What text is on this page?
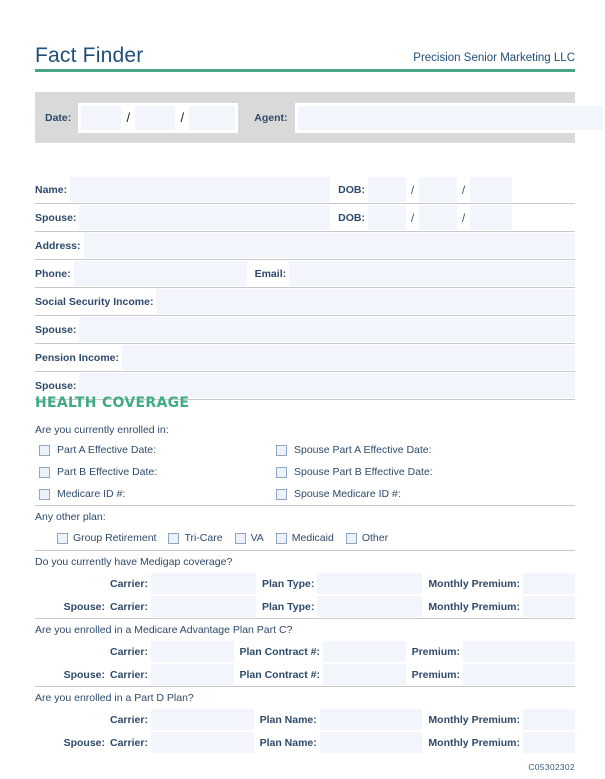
Fact Finder	Precision Senior Marketing LLC
Date:	/	/	Agent:
Name:	DOB:	/	/
Spouse:	DOB:	/	/
Address:
Phone:	Email:
Social Security Income:
Spouse:
Pension Income:
Spouse:
HEALTH COVERAGE
Are you currently enrolled in:
Part A Effective Date:	Spouse Part A Effective Date:
Part B Effective Date:	Spouse Part B Effective Date:
Medicare ID #:	Spouse Medicare ID #:
Any other plan:
Group Retirement	Tri-Care	VA	Medicaid	Other
Do you currently have Medigap coverage?
Carrier:	Plan Type:	Monthly Premium:
Spouse: Carrier:	Plan Type:	Monthly Premium:
Are you enrolled in a Medicare Advantage Plan Part C?
Carrier:	Plan Contract #:	Premium:
Spouse: Carrier:	Plan Contract #:	Premium:
Are you enrolled in a Part D Plan?
Carrier:	Plan Name:	Monthly Premium:
Spouse: Carrier:	Plan Name:	Monthly Premium:
C05302302
